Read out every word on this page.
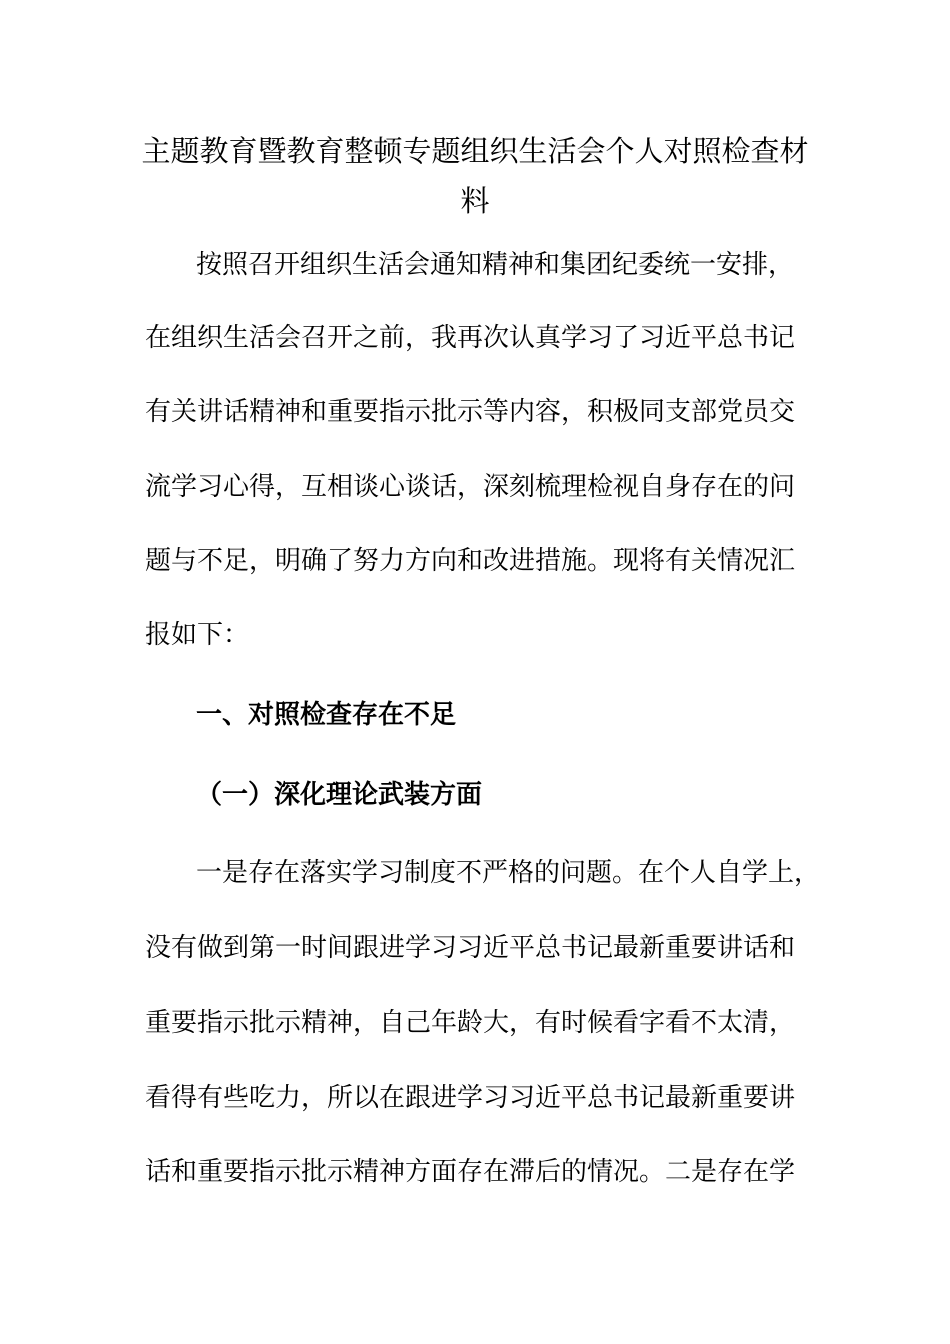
主题教育暨教育整顿专题组织生活会个人对照检查材
料
按照召开组织生活会通知精神和集团纪委统一安排，
在组织生活会召开之前，我再次认真学习了习近平总书记
有关讲话精神和重要指示批示等内容，积极同支部党员交
流学习心得，互相谈心谈话，深刻梳理检视自身存在的问
题与不足，明确了努力方向和改进措施。现将有关情况汇
报如下：
一、对照检查存在不足
（一）深化理论武装方面
一是存在落实学习制度不严格的问题。在个人自学上，
没有做到第一时间跟进学习习近平总书记最新重要讲话和
重要指示批示精神，自己年龄大，有时候看字看不太清，
看得有些吃力，所以在跟进学习习近平总书记最新重要讲
话和重要指示批示精神方面存在滞后的情况。二是存在学
